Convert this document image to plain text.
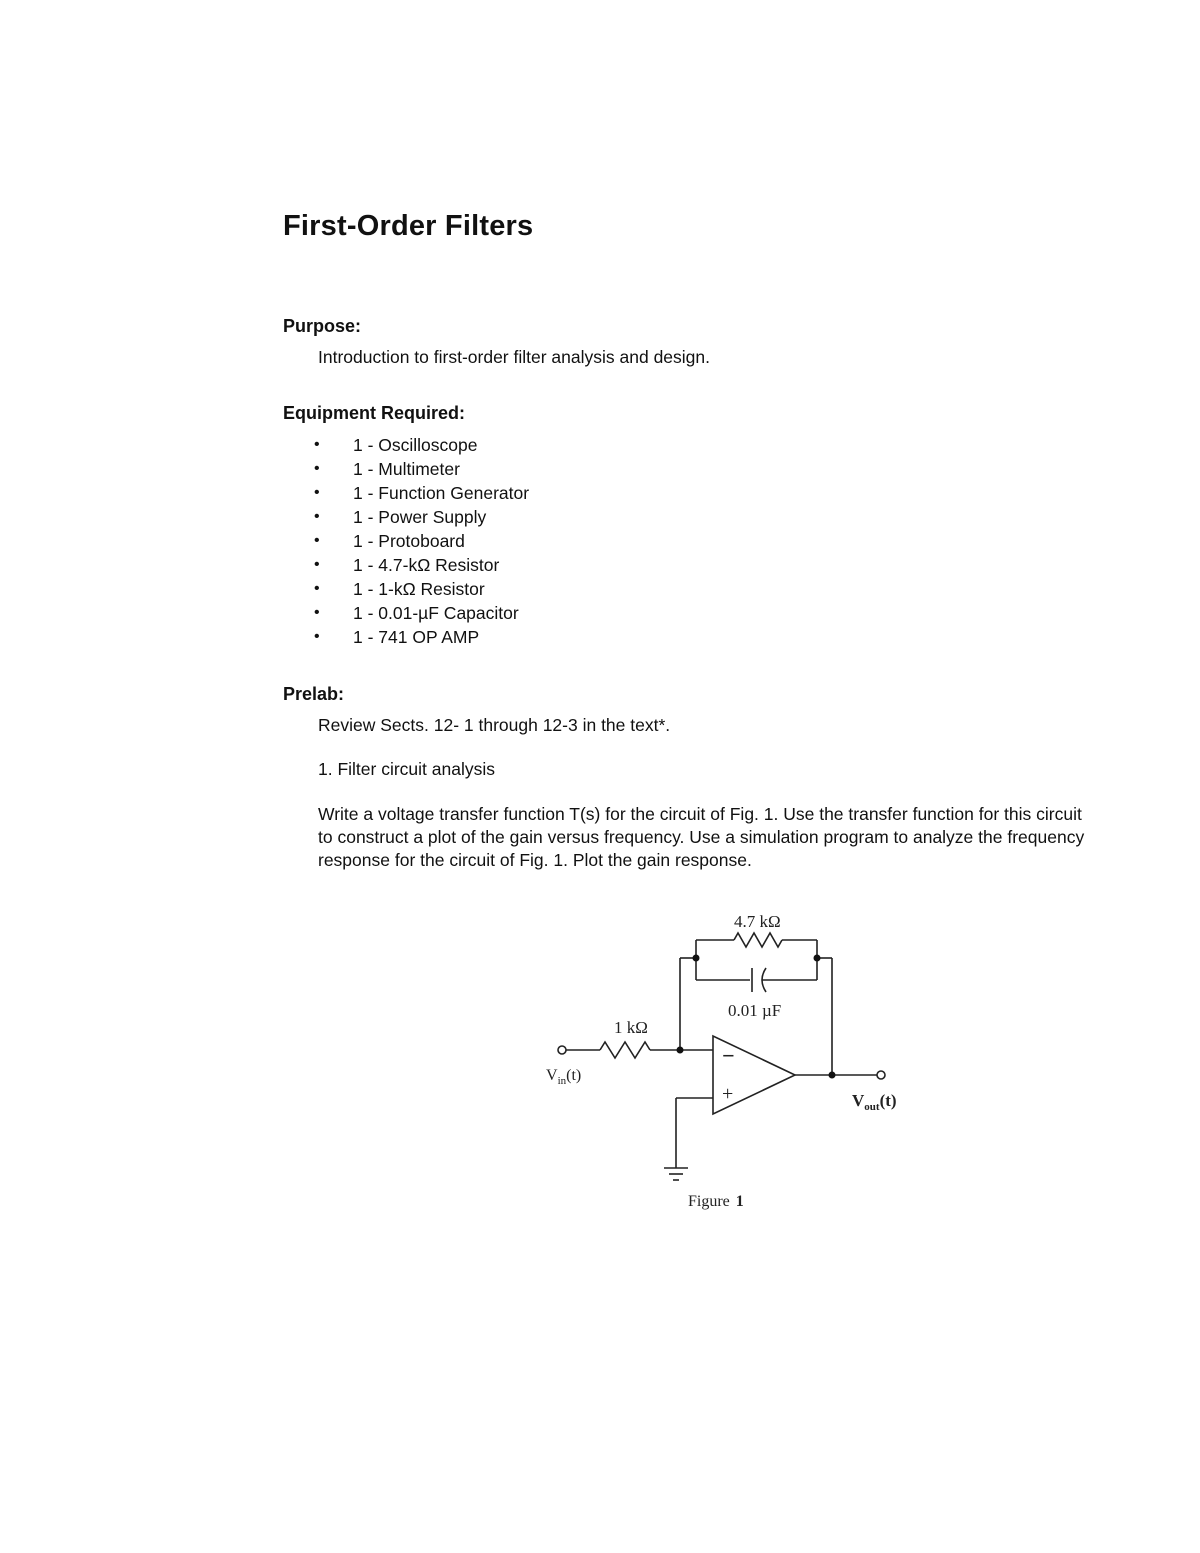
First-Order Filters
Purpose:

Introduction to first-order filter analysis and design.

Equipment Required:
• 1 - Oscilloscope
• 1 - Multimeter
• 1 - Function Generator
• 1 - Power Supply
• 1 - Protoboard
• 1 - 4.7-kΩ Resistor
• 1 - 1-kΩ Resistor
• 1 - 0.01-µF Capacitor
• 1 - 741 OP AMP
Prelab:

Review Sects. 12- 1 through 12-3 in the text*.

1. Filter circuit analysis

Write a voltage transfer function T(s) for the circuit of Fig. 1. Use the transfer function for this circuit to construct a plot of the gain versus frequency. Use a simulation program to analyze the frequency response for the circuit of Fig. 1. Plot the gain response.

4.7 kΩ
0.01 µF
1 kΩ
$V_{in}(t)$
$V_{out}(t)$
−
+
Figure 1
